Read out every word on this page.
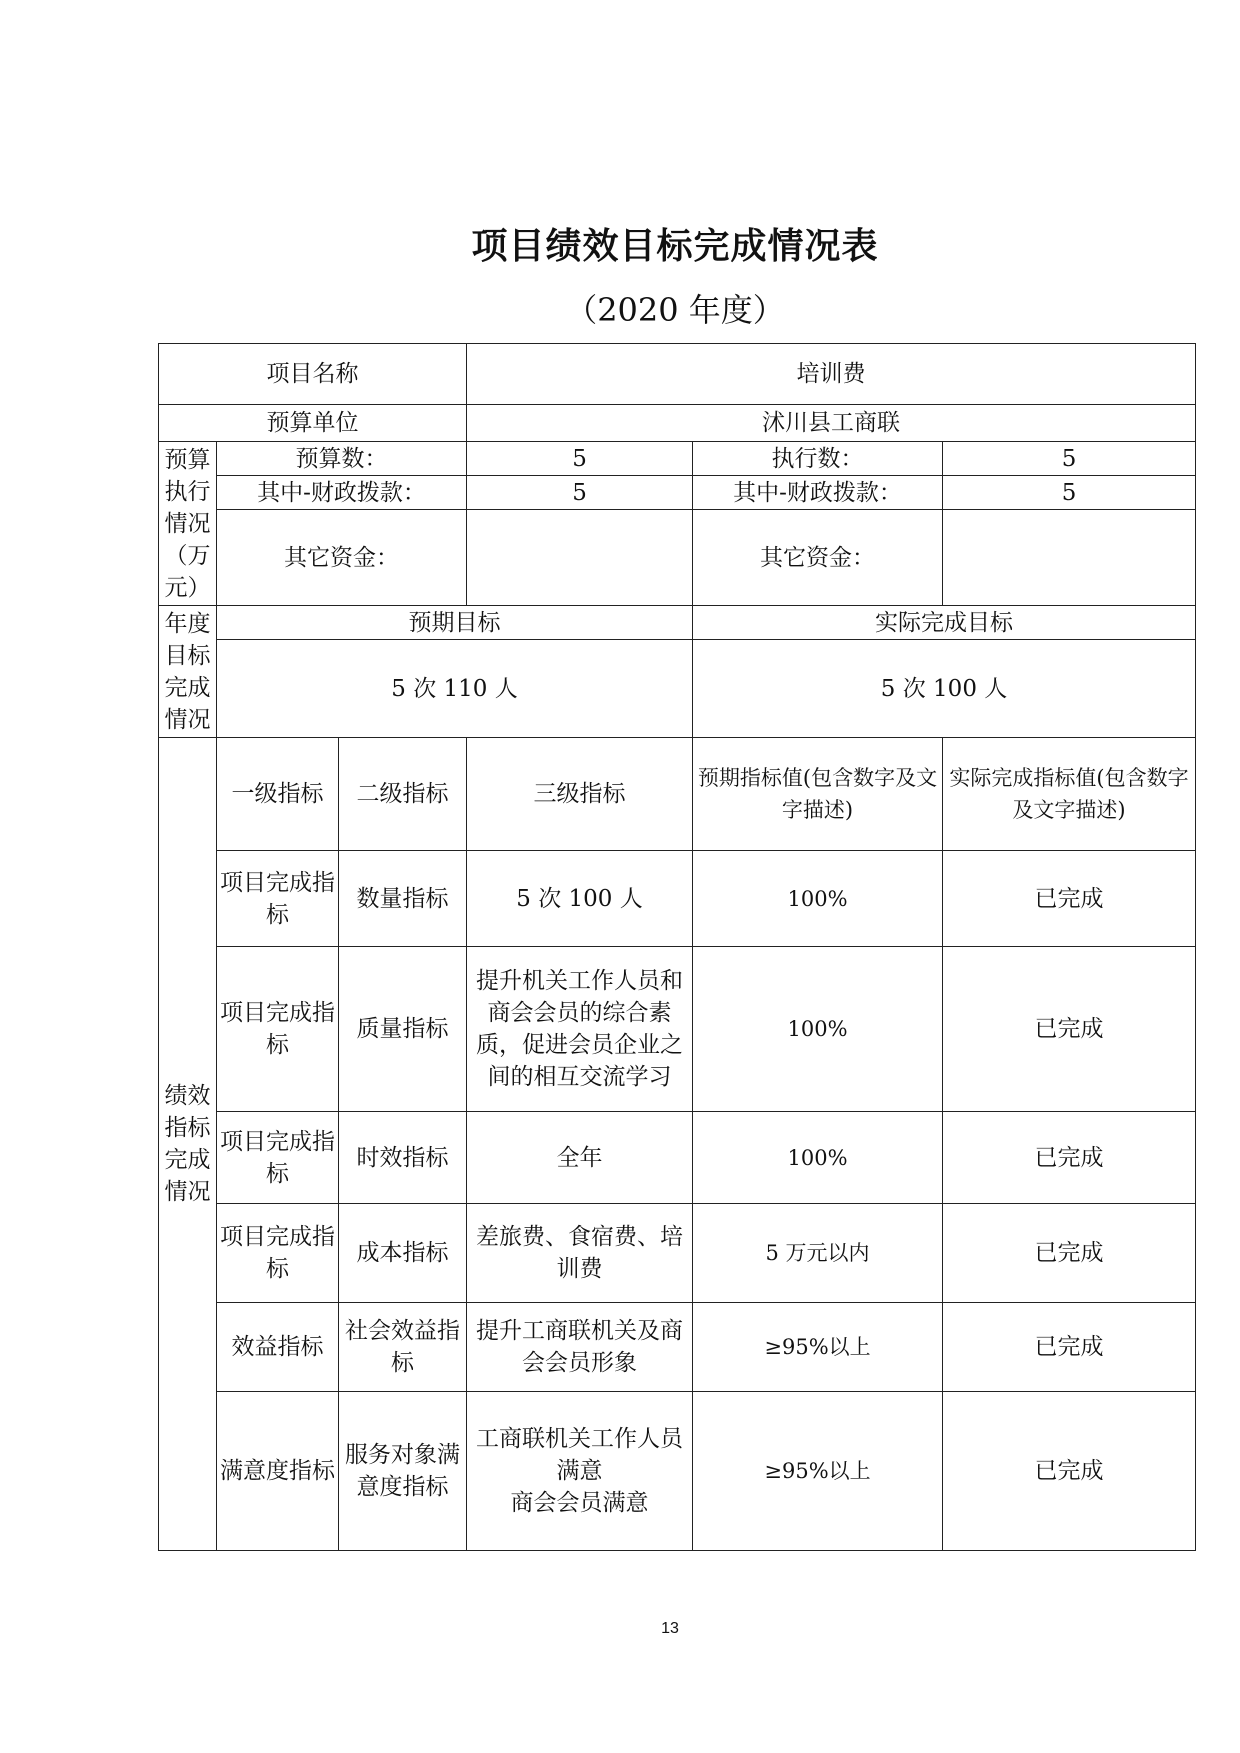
项目绩效目标完成情况表
（2020 年度）
项目名称			培训费		
预算单位			沭川县工商联		
预算执行情况（万元）	预算数：		5	执行数：	5
	其中-财政拨款：		5	其中-财政拨款：	5
	其它资金：			其它资金：	
年度目标完成情况	预期目标			实际完成目标	
	5 次 110 人			5 次 100 人	
绩效指标完成情况	一级指标	二级指标	三级指标	预期指标值(包含数字及文字描述)	实际完成指标值(包含数字及文字描述)
	项目完成指标	数量指标	5 次 100 人	100%	已完成
	项目完成指标	质量指标	提升机关工作人员和商会会员的综合素质，促进会员企业之间的相互交流学习	100%	已完成
	项目完成指标	时效指标	全年	100%	已完成
	项目完成指标	成本指标	差旅费、食宿费、培训费	5 万元以内	已完成
	效益指标	社会效益指标	提升工商联机关及商会会员形象	≥95%以上	已完成
	满意度指标	服务对象满意度指标	工商联机关工作人员满意
商会会员满意	≥95%以上	已完成
13
